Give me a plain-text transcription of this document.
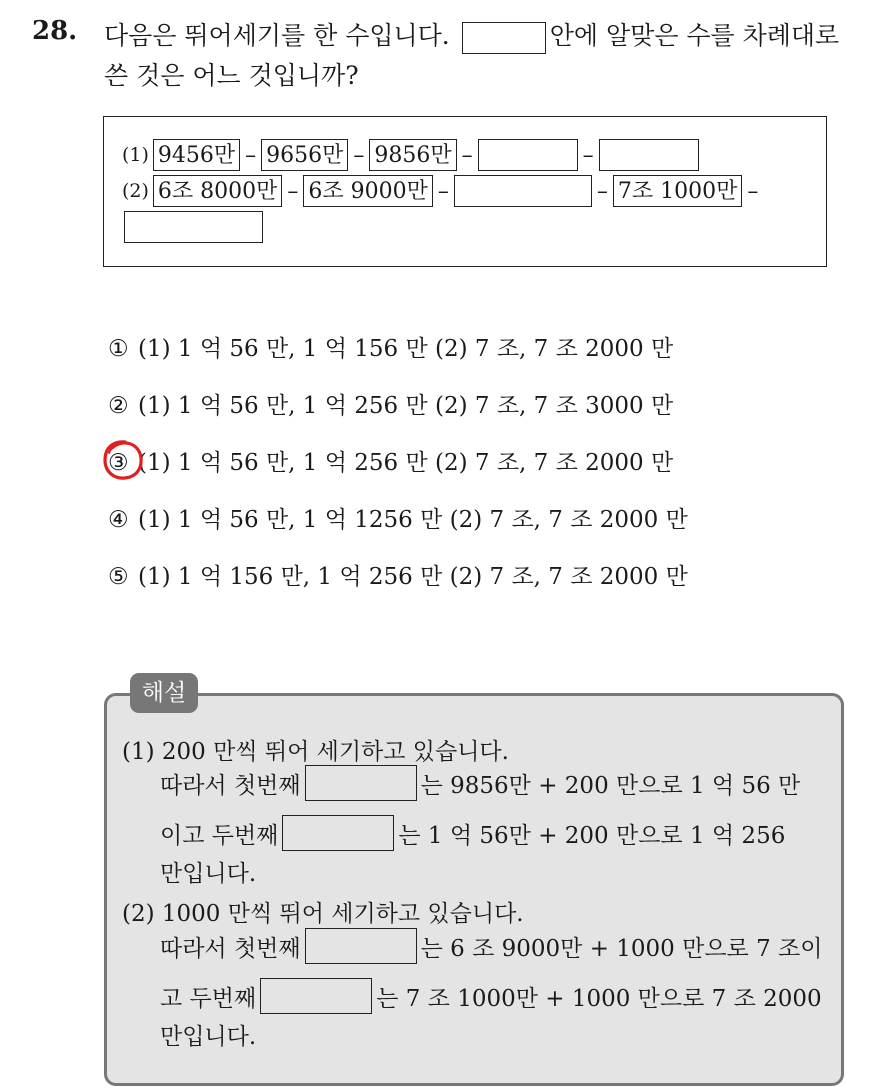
28. 다음은 뛰어세기를 한 수입니다.	안에 알맞은 수를 차례대로
쓴 것은 어느 것입니까?
(1) 9456만 – 9656만 – 9856만 –	–
(2) 6조 8000만 – 6조 9000만 –	– 7조 1000만 –
① (1) 1 억 56 만, 1 억 156 만 (2) 7 조, 7 조 2000 만
② (1) 1 억 56 만, 1 억 256 만 (2) 7 조, 7 조 3000 만
③ (1) 1 억 56 만, 1 억 256 만 (2) 7 조, 7 조 2000 만
④ (1) 1 억 56 만, 1 억 1256 만 (2) 7 조, 7 조 2000 만
⑤ (1) 1 억 156 만, 1 억 256 만 (2) 7 조, 7 조 2000 만
해설
(1) 200 만씩 뛰어 세기하고 있습니다.
따라서 첫번째	는 9856만 + 200 만으로 1 억 56 만
이고 두번째	는 1 억 56만 + 200 만으로 1 억 256
만입니다.
(2) 1000 만씩 뛰어 세기하고 있습니다.
따라서 첫번째	는 6 조 9000만 + 1000 만으로 7 조이
고 두번째	는 7 조 1000만 + 1000 만으로 7 조 2000
만입니다.
